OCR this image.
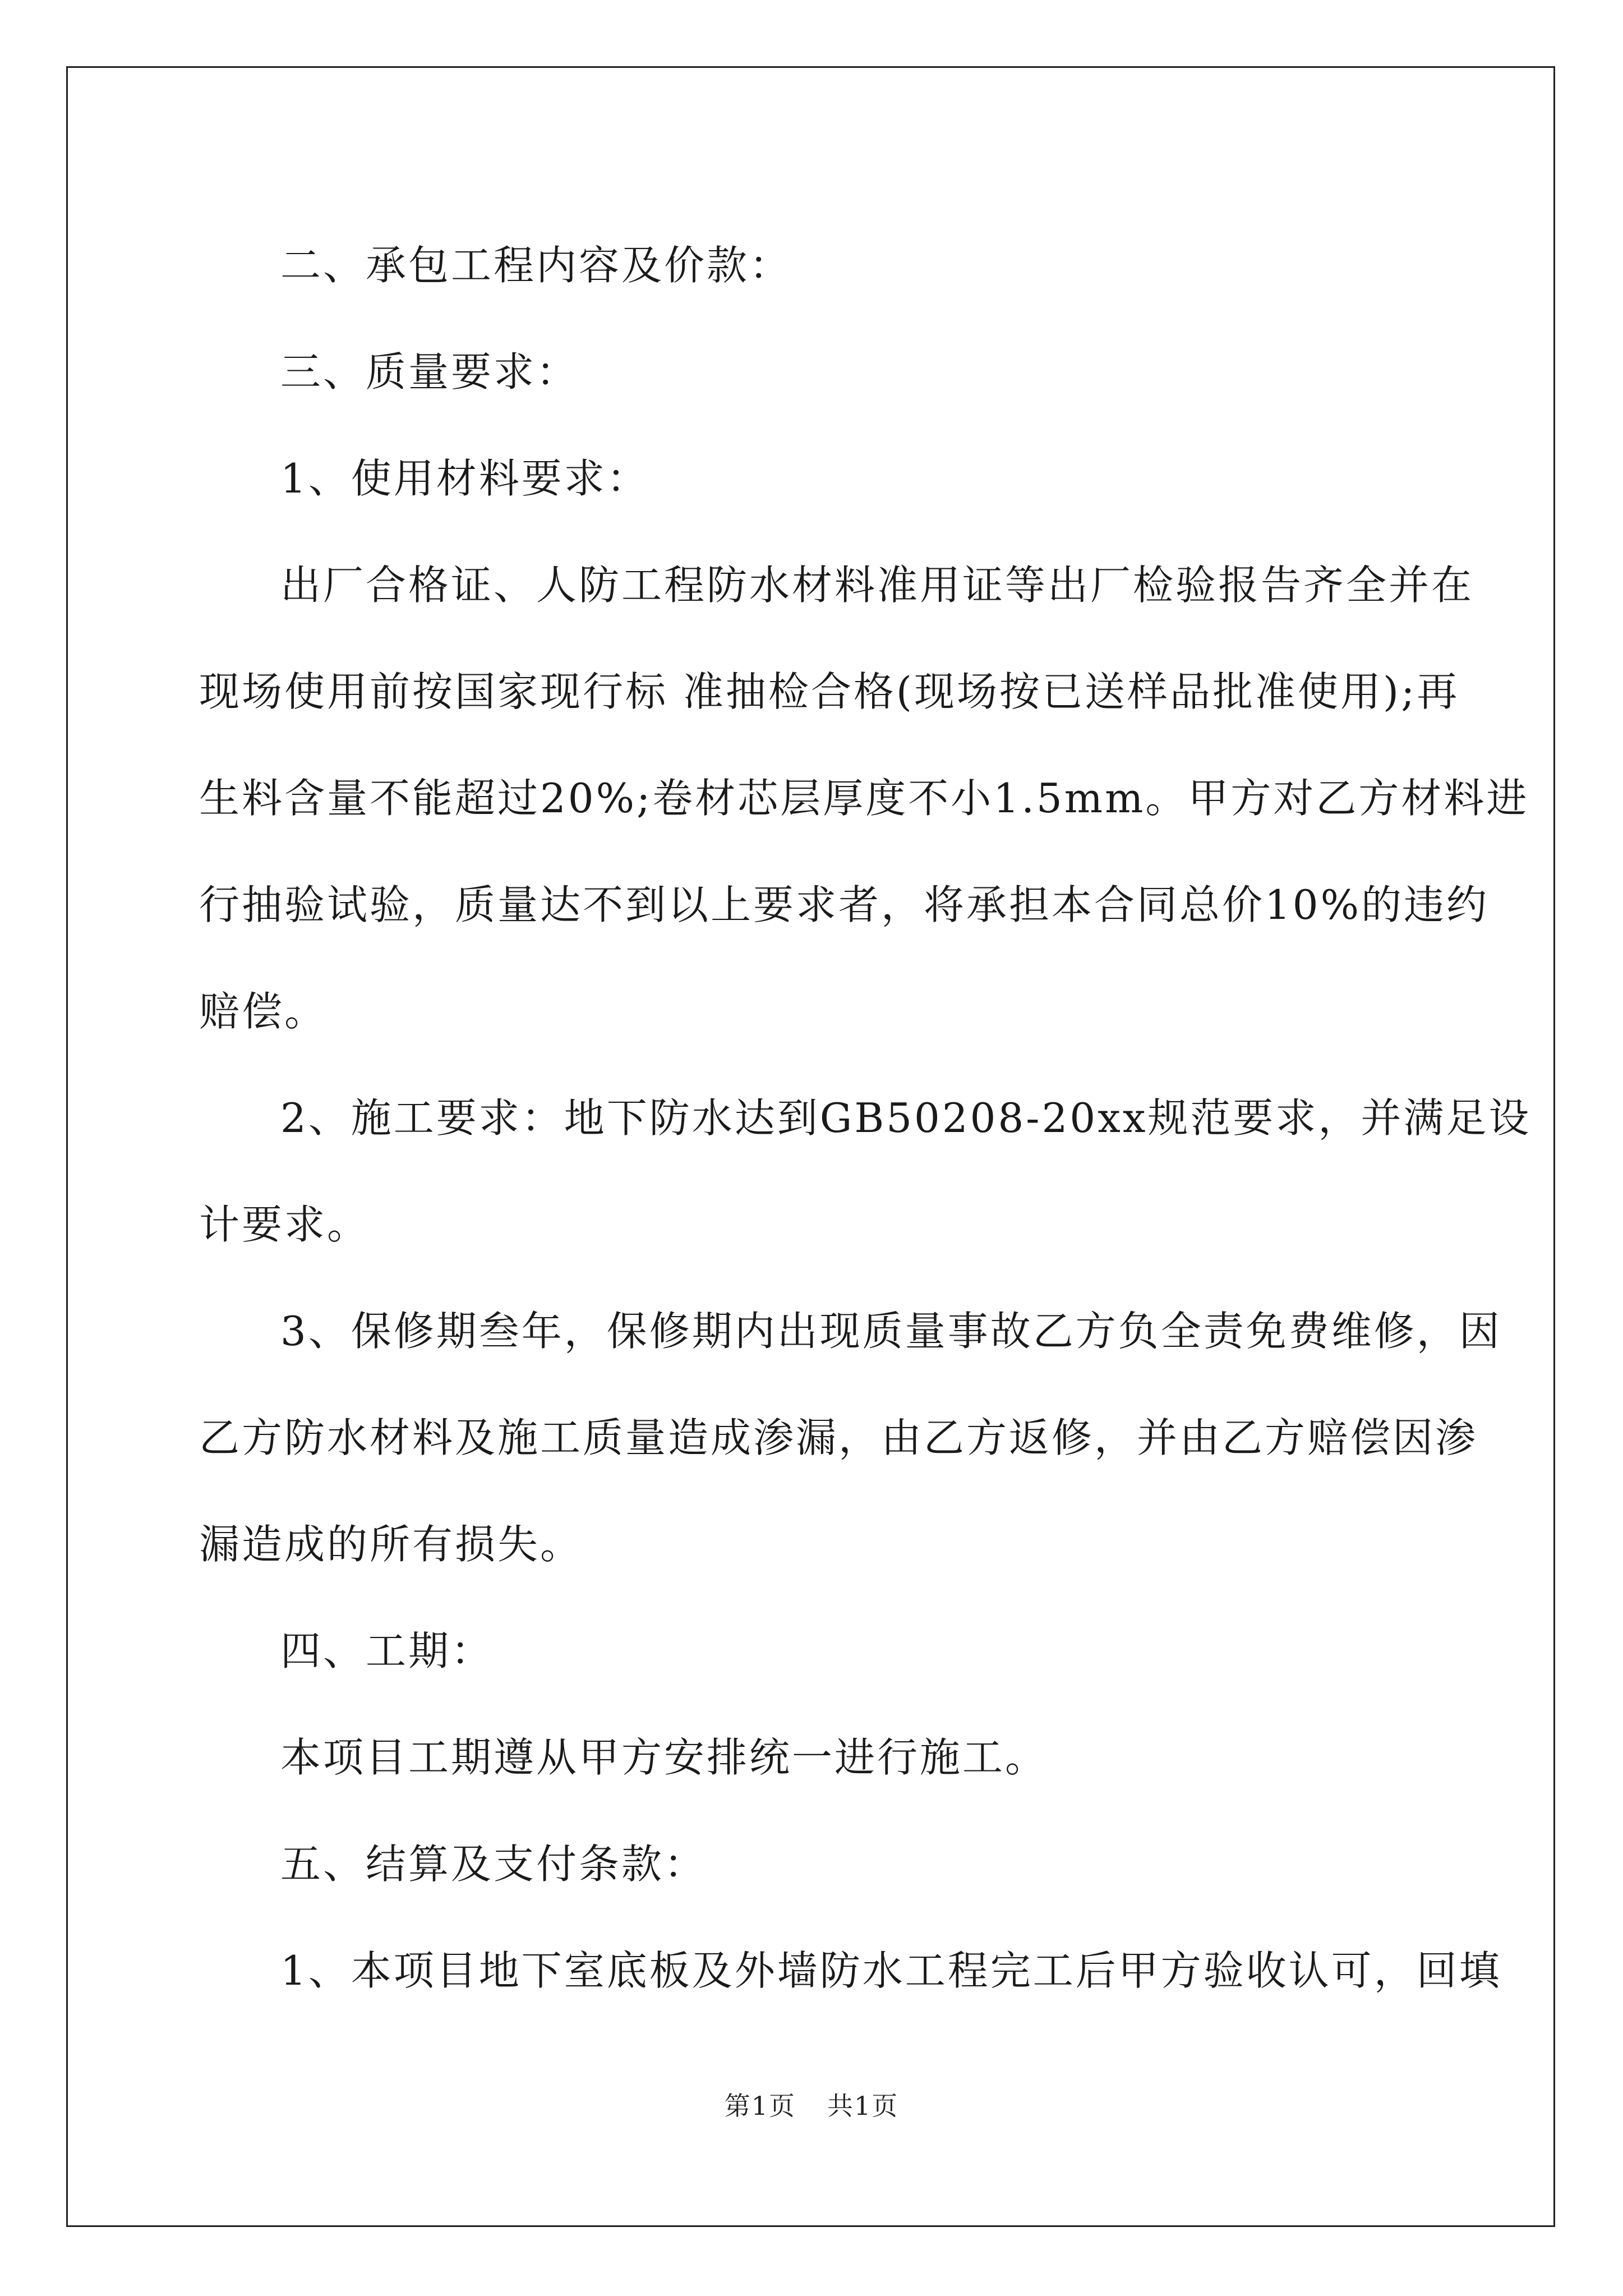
二、承包工程内容及价款：
三、质量要求：
1、使用材料要求：
出厂合格证、人防工程防水材料准用证等出厂检验报告齐全并在
现场使用前按国家现行标 准抽检合格(现场按已送样品批准使用);再
生料含量不能超过20%;卷材芯层厚度不小1.5mm。甲方对乙方材料进
行抽验试验，质量达不到以上要求者，将承担本合同总价10%的违约
赔偿。
2、施工要求：地下防水达到GB50208-20xx规范要求，并满足设
计要求。
3、保修期叁年，保修期内出现质量事故乙方负全责免费维修，因
乙方防水材料及施工质量造成渗漏，由乙方返修，并由乙方赔偿因渗
漏造成的所有损失。
四、工期：
本项目工期遵从甲方安排统一进行施工。
五、结算及支付条款：
1、本项目地下室底板及外墙防水工程完工后甲方验收认可，回填
第1页 共1页
